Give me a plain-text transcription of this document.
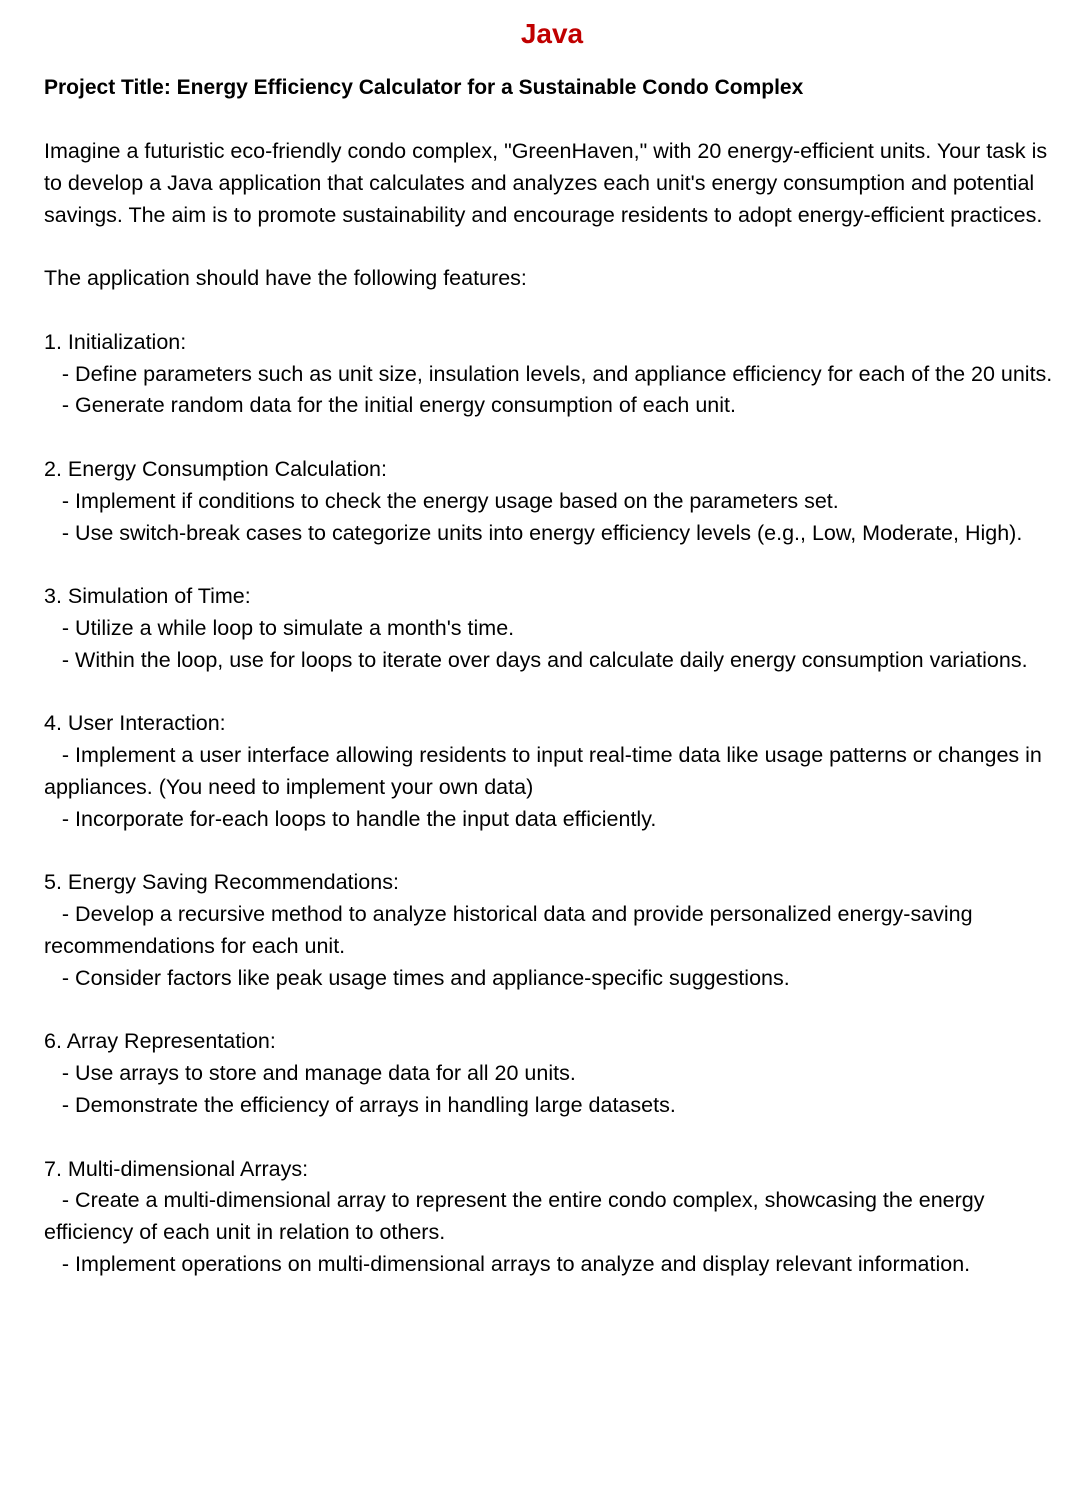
Java
Project Title: Energy Efficiency Calculator for a Sustainable Condo Complex
Imagine a futuristic eco-friendly condo complex, "GreenHaven," with 20 energy-efficient units. Your task is to develop a Java application that calculates and analyzes each unit's energy consumption and potential savings. The aim is to promote sustainability and encourage residents to adopt energy-efficient practices.
The application should have the following features:
1. Initialization:
- Define parameters such as unit size, insulation levels, and appliance efficiency for each of the 20 units.
- Generate random data for the initial energy consumption of each unit.
2. Energy Consumption Calculation:
- Implement if conditions to check the energy usage based on the parameters set.
- Use switch-break cases to categorize units into energy efficiency levels (e.g., Low, Moderate, High).
3. Simulation of Time:
- Utilize a while loop to simulate a month's time.
- Within the loop, use for loops to iterate over days and calculate daily energy consumption variations.
4. User Interaction:
- Implement a user interface allowing residents to input real-time data like usage patterns or changes in appliances. (You need to implement your own data)
- Incorporate for-each loops to handle the input data efficiently.
5. Energy Saving Recommendations:
- Develop a recursive method to analyze historical data and provide personalized energy-saving recommendations for each unit.
- Consider factors like peak usage times and appliance-specific suggestions.
6. Array Representation:
- Use arrays to store and manage data for all 20 units.
- Demonstrate the efficiency of arrays in handling large datasets.
7. Multi-dimensional Arrays:
- Create a multi-dimensional array to represent the entire condo complex, showcasing the energy efficiency of each unit in relation to others.
- Implement operations on multi-dimensional arrays to analyze and display relevant information.
